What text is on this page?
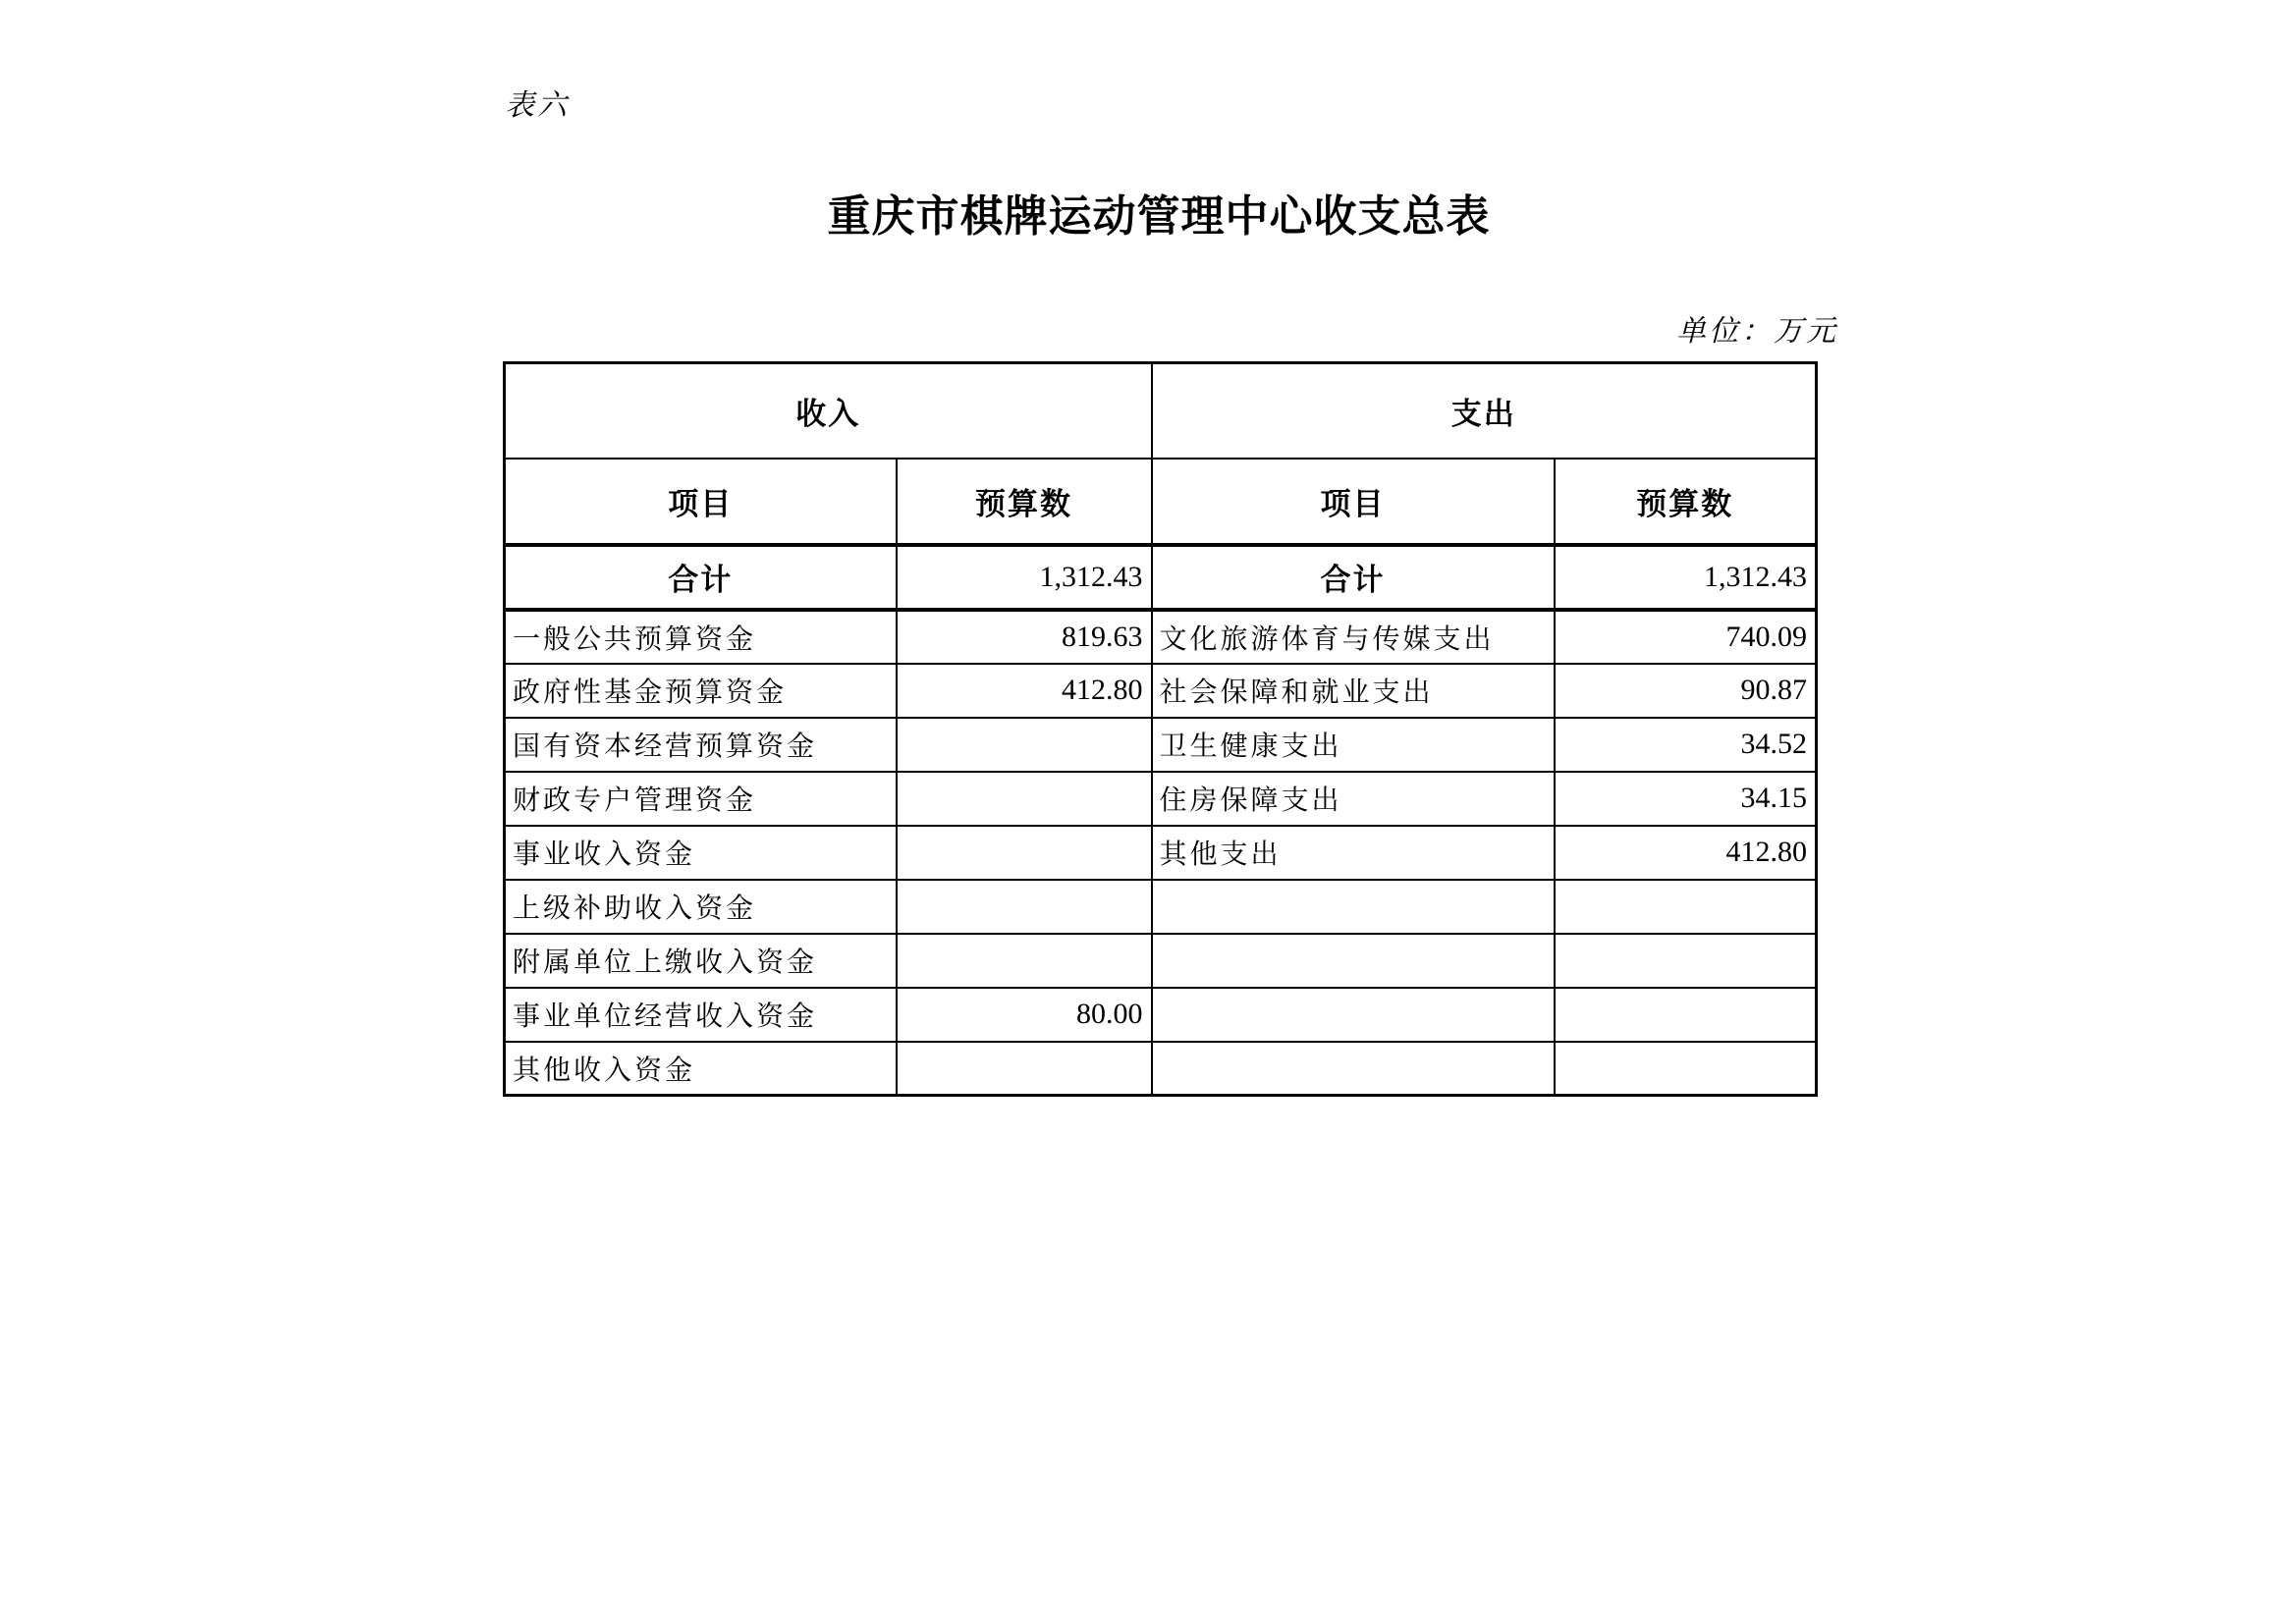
表六
重庆市棋牌运动管理中心收支总表
单位：万元
收入		支出	
项目	预算数	项目	预算数
合计	1,312.43	合计	1,312.43
一般公共预算资金	819.63	文化旅游体育与传媒支出	740.09
政府性基金预算资金	412.80	社会保障和就业支出	90.87
国有资本经营预算资金		卫生健康支出	34.52
财政专户管理资金		住房保障支出	34.15
事业收入资金		其他支出	412.80
上级补助收入资金			
附属单位上缴收入资金			
事业单位经营收入资金	80.00		
其他收入资金			
